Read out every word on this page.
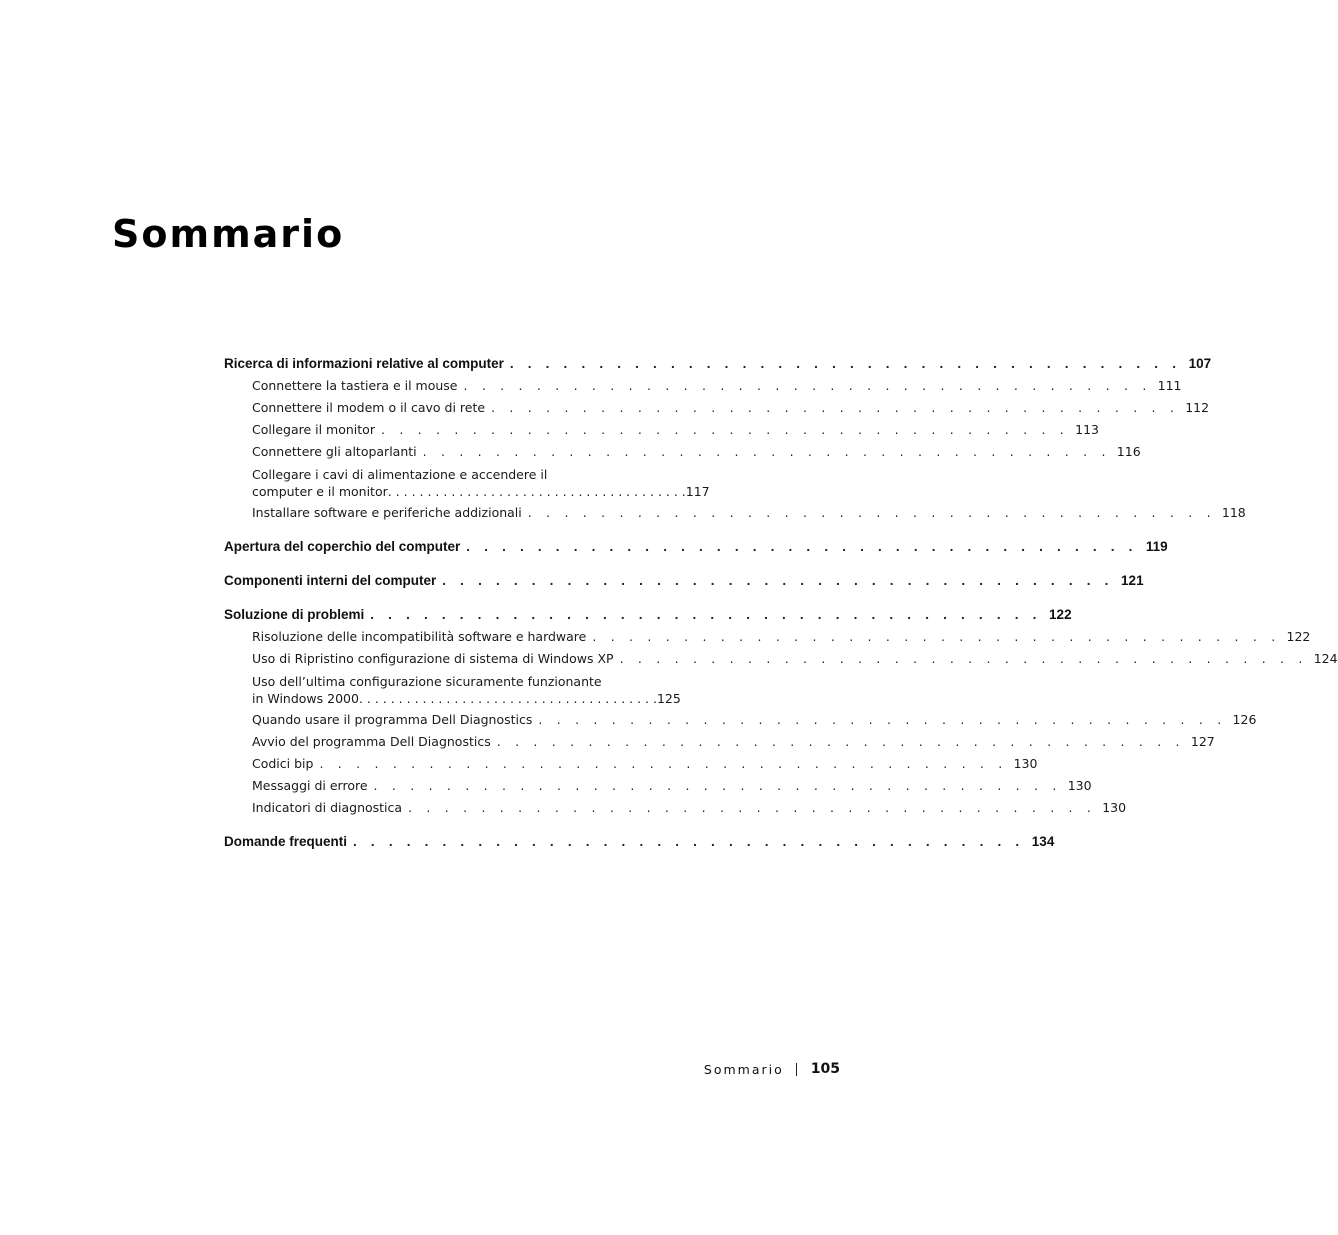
Sommario
Ricerca di informazioni relative al computer . . . . . . . . . . . . . . . . . . . . . . . . . . . . . . . . . . . . . . 107
Connettere la tastiera e il mouse . . . . . . . . . . . . . . . . . . . . . . . . . . . . . . . . . . . . . . 111
Connettere il modem o il cavo di rete . . . . . . . . . . . . . . . . . . . . . . . . . . . . . . . . . . . . . . 112
Collegare il monitor . . . . . . . . . . . . . . . . . . . . . . . . . . . . . . . . . . . . . . 113
Connettere gli altoparlanti . . . . . . . . . . . . . . . . . . . . . . . . . . . . . . . . . . . . . . 116
Collegare i cavi di alimentazione e accendere il
computer e il monitor . . . . . . . . . . . . . . . . . . . . . . . . . . . . . . . . . . . . . . 117
Installare software e periferiche addizionali . . . . . . . . . . . . . . . . . . . . . . . . . . . . . . . . . . . . . . 118
Apertura del coperchio del computer . . . . . . . . . . . . . . . . . . . . . . . . . . . . . . . . . . . . . . 119
Componenti interni del computer . . . . . . . . . . . . . . . . . . . . . . . . . . . . . . . . . . . . . . 121
Soluzione di problemi . . . . . . . . . . . . . . . . . . . . . . . . . . . . . . . . . . . . . . 122
Risoluzione delle incompatibilità software e hardware . . . . . . . . . . . . . . . . . . . . . . . . . . . . . . . . . . . . . . 122
Uso di Ripristino configurazione di sistema di Windows XP . . . . . . . . . . . . . . . . . . . . . . . . . . . . . . . . . . . . . . 124
Uso dell’ultima configurazione sicuramente funzionante
in Windows 2000 . . . . . . . . . . . . . . . . . . . . . . . . . . . . . . . . . . . . . . 125
Quando usare il programma Dell Diagnostics . . . . . . . . . . . . . . . . . . . . . . . . . . . . . . . . . . . . . . 126
Avvio del programma Dell Diagnostics . . . . . . . . . . . . . . . . . . . . . . . . . . . . . . . . . . . . . . 127
Codici bip . . . . . . . . . . . . . . . . . . . . . . . . . . . . . . . . . . . . . . 130
Messaggi di errore . . . . . . . . . . . . . . . . . . . . . . . . . . . . . . . . . . . . . . 130
Indicatori di diagnostica . . . . . . . . . . . . . . . . . . . . . . . . . . . . . . . . . . . . . . 130
Domande frequenti . . . . . . . . . . . . . . . . . . . . . . . . . . . . . . . . . . . . . . 134
Sommario 105
